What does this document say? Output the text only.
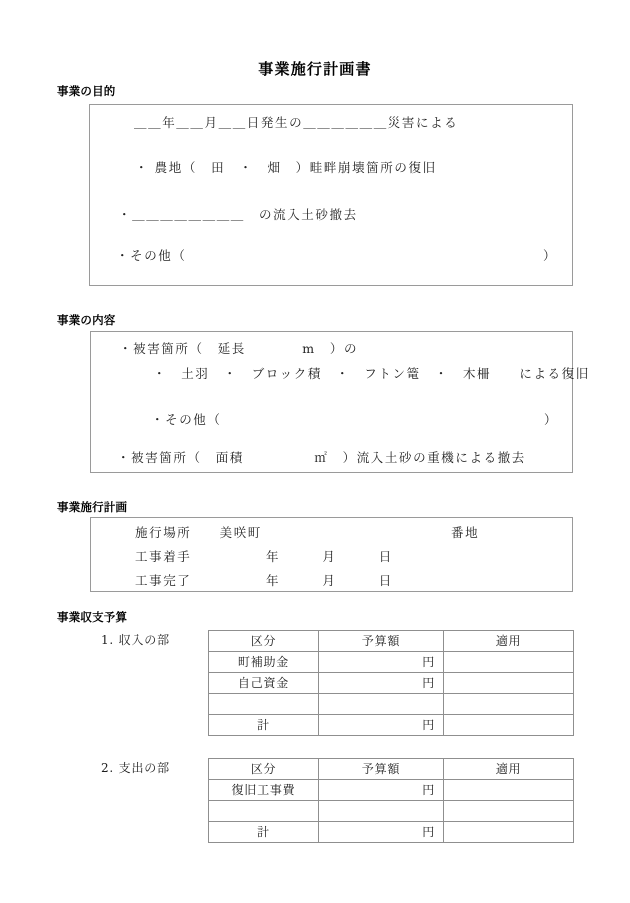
事業施行計画書
事業の目的
＿＿年＿＿月＿＿日発生の＿＿＿＿＿＿災害による
・ 農地（　田　・　畑　）畦畔崩壊箇所の復旧
・＿＿＿＿＿＿＿＿　の流入土砂撤去
・その他（	）
事業の内容
・被害箇所（　延長　　　　m　）の
・　土羽　・　ブロック積　・　フトン篭　・　木柵　　による復旧
・その他（	）
・被害箇所（　面積　　　　　㎡　）流入土砂の重機による撤去
事業施行計画
施行場所　　美咲町	番地
工事着手	年　　　月　　　日
工事完了	年　　　月　　　日
事業収支予算
1. 収入の部	区分	予算額	適用
町補助金	円	
自己資金	円	

計	円	
2. 支出の部	区分	予算額	適用
復旧工事費	円	

計	円	
